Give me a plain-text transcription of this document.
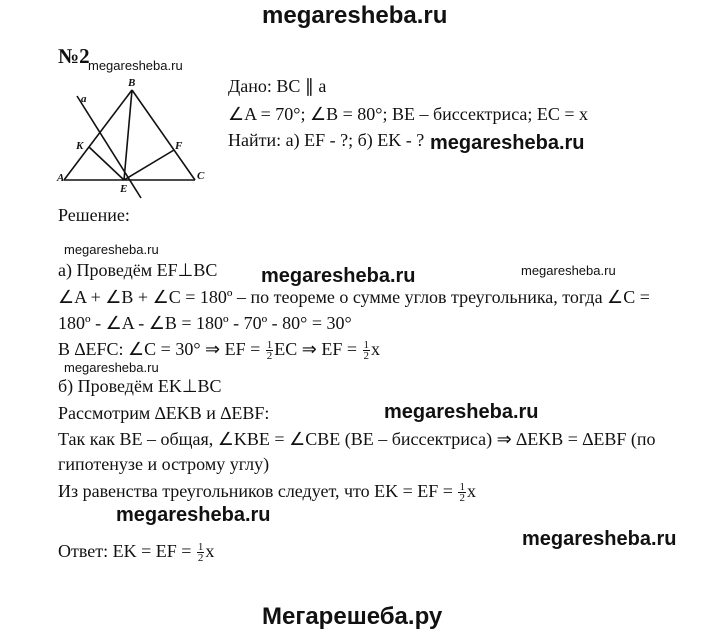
megaresheba.ru
№2
megaresheba.ru
a
B
K	F
A
E
C
Дано: BC ∥ a
∠A = 70°; ∠B = 80°; BE – биссектриса; EC = x
Найти: а) EF - ?; б) EK - ? megaresheba.ru
Решение:
megaresheba.ru
а) Проведём EF⊥BC megaresheba.ru	megaresheba.ru
∠A + ∠B + ∠C = 180º – по теореме о сумме углов треугольника, тогда ∠C =
180º - ∠A - ∠B = 180º - 70º - 80° = 30°
В ∆EFC: ∠C = 30° ⇒ EF = $\frac{1}{2}$ EC ⇒ EF = $\frac{1}{2}$ x
megaresheba.ru
б) Проведём EK⊥BC
Рассмотрим ∆EKB и ∆EBF:	megaresheba.ru
Так как BE – общая, ∠KBE = ∠CBE (BE – биссектриса) ⇒ ∆EKB = ∆EBF (по
гипотенузе и острому углу)
Из равенства треугольников следует, что EK = EF = $\frac{1}{2}$ x
megaresheba.ru
Ответ: EK = EF = $\frac{1}{2}$ x
megaresheba.ru
Мегарешеба.ру
